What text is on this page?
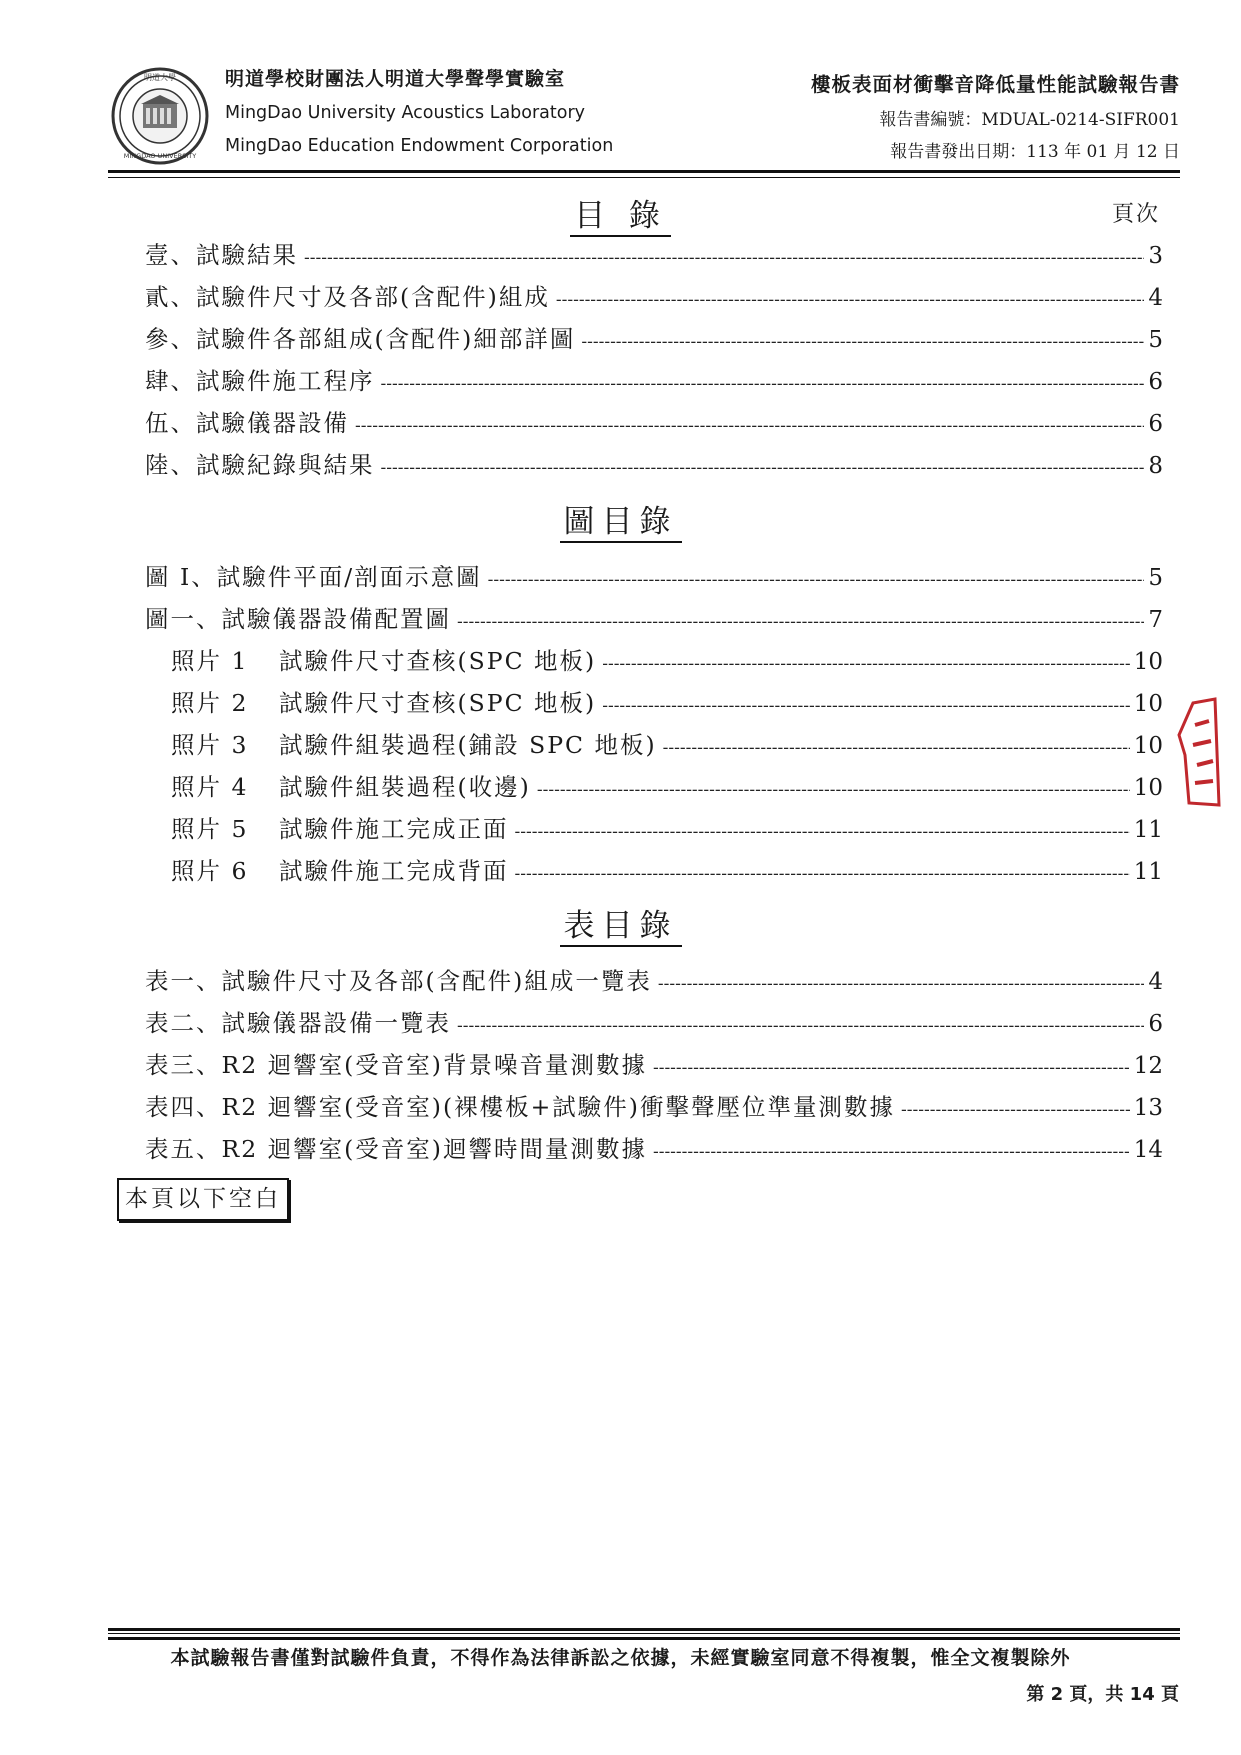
明道大學
MINGDAO UNIVERSITY
明道學校財團法人明道大學聲學實驗室
MingDao University Acoustics Laboratory
MingDao Education Endowment Corporation
樓板表面材衝擊音降低量性能試驗報告書
報告書編號：MDUAL-0214-SIFR001
報告書發出日期：113 年 01 月 12 日
目 錄	頁次
壹、試驗結果 -----	3
貳、試驗件尺寸及各部(含配件)組成 -----	4
參、試驗件各部組成(含配件)細部詳圖 -----	5
肆、試驗件施工程序 -----	6
伍、試驗儀器設備 -----	6
陸、試驗紀錄與結果 -----	8
圖目錄
圖 I、試驗件平面/剖面示意圖 -----	5
圖一、試驗儀器設備配置圖 -----	7
照片 1 試驗件尺寸查核(SPC 地板) -----	10
照片 2 試驗件尺寸查核(SPC 地板) -----	10
照片 3 試驗件組裝過程(鋪設 SPC 地板) -----	10
照片 4 試驗件組裝過程(收邊) -----	10
照片 5 試驗件施工完成正面 -----	11
照片 6 試驗件施工完成背面 -----	11
表目錄
表一、試驗件尺寸及各部(含配件)組成一覽表 -----	4
表二、試驗儀器設備一覽表 -----	6
表三、R2 迴響室(受音室)背景噪音量測數據 -----	12
表四、R2 迴響室(受音室)(裸樓板+試驗件)衝擊聲壓位準量測數據 -----	13
表五、R2 迴響室(受音室)迴響時間量測數據 -----	14
本頁以下空白
本試驗報告書僅對試驗件負責，不得作為法律訴訟之依據，未經實驗室同意不得複製，惟全文複製除外
第 2 頁，共 14 頁
